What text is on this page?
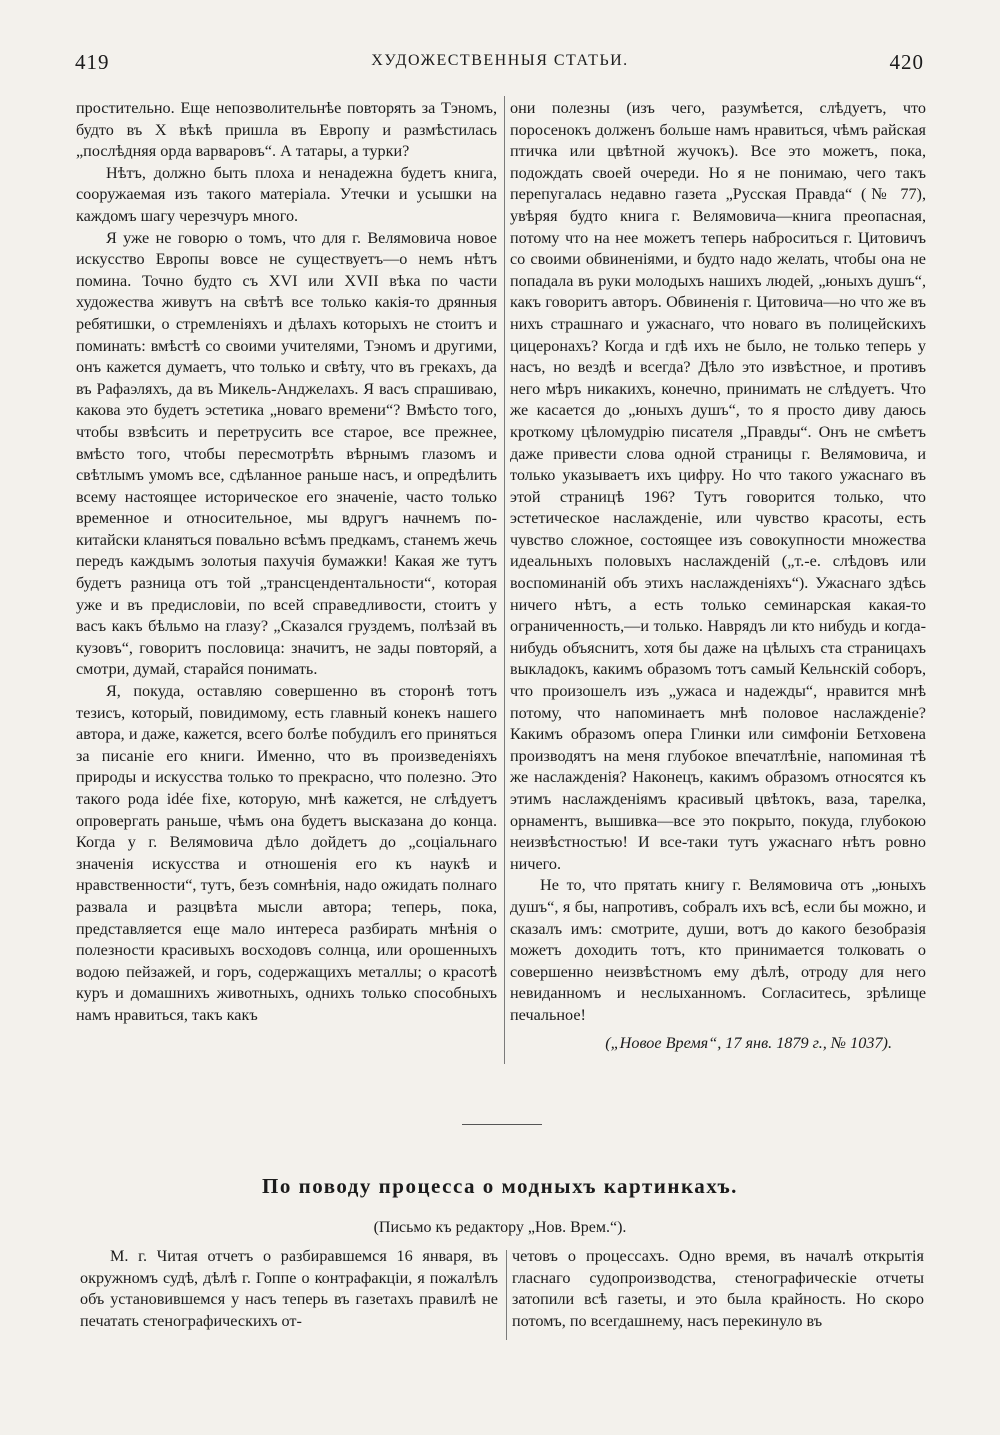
419	ХУДОЖЕСТВЕННЫЯ СТАТЬИ.	420

простительно. Еще непозволительнѣе повторять за Тэномъ, будто въ X вѣкѣ пришла въ Европу и размѣстилась „послѣдняя орда варваровъ“. А татары, а турки?

Нѣтъ, должно быть плоха и ненадежна будетъ книга, сооружаемая изъ такого матеріала. Утечки и усышки на каждомъ шагу черезчуръ много.

Я уже не говорю о томъ, что для г. Велямовича новое искусство Европы вовсе не существуетъ—о немъ нѣтъ помина. Точно будто съ XVI или XVII вѣка по части художества живутъ на свѣтѣ все только какія-то дрянныя ребятишки, о стремленіяхъ и дѣлахъ которыхъ не стоитъ и поминать: вмѣстѣ со своими учителями, Тэномъ и другими, онъ кажется думаетъ, что только и свѣту, что въ грекахъ, да въ Рафаэляхъ, да въ Микель-Анджелахъ. Я васъ спрашиваю, какова это будетъ эстетика „новаго времени“? Вмѣсто того, чтобы взвѣсить и перетрусить все старое, все прежнее, вмѣсто того, чтобы пересмотрѣть вѣрнымъ глазомъ и свѣтлымъ умомъ все, сдѣланное раньше насъ, и опредѣлить всему настоящее историческое его значеніе, часто только временное и относительное, мы вдругъ начнемъ по-китайски кланяться повально всѣмъ предкамъ, станемъ жечь передъ каждымъ золотыя пахучія бумажки! Какая же тутъ будетъ разница отъ той „трансцендентальности“, которая уже и въ предисловіи, по всей справедливости, стоитъ у васъ какъ бѣльмо на глазу? „Сказался груздемъ, полѣзай въ кузовъ“, говоритъ пословица: значитъ, не зады повторяй, а смотри, думай, старайся понимать.

Я, покуда, оставляю совершенно въ сторонѣ тотъ тезисъ, который, повидимому, есть главный конекъ нашего автора, и даже, кажется, всего болѣе побудилъ его приняться за писаніе его книги. Именно, что въ произведеніяхъ природы и искусства только то прекрасно, что полезно. Это такого рода idée fixe, которую, мнѣ кажется, не слѣдуетъ опровергать раньше, чѣмъ она будетъ высказана до конца. Когда у г. Велямовича дѣло дойдетъ до „соціальнаго значенія искусства и отношенія его къ наукѣ и нравственности“, тутъ, безъ сомнѣнія, надо ожидать полнаго развала и разцвѣта мысли автора; теперь, пока, представляется еще мало интереса разбирать мнѣнія о полезности красивыхъ восходовъ солнца, или орошенныхъ водою пейзажей, и горъ, содержащихъ металлы; о красотѣ куръ и домашнихъ животныхъ, однихъ только способныхъ намъ нравиться, такъ какъ

они полезны (изъ чего, разумѣется, слѣдуетъ, что поросенокъ долженъ больше намъ нравиться, чѣмъ райская птичка или цвѣтной жучокъ). Все это можетъ, пока, подождать своей очереди. Но я не понимаю, чего такъ перепугалась недавно газета „Русская Правда“ (№ 77), увѣряя будто книга г. Велямовича—книга преопасная, потому что на нее можетъ теперь наброситься г. Цитовичъ со своими обвиненіями, и будто надо желать, чтобы она не попадала въ руки молодыхъ нашихъ людей, „юныхъ душъ“, какъ говоритъ авторъ. Обвиненія г. Цитовича—но что же въ нихъ страшнаго и ужаснаго, что новаго въ полицейскихъ цицеронахъ? Когда и гдѣ ихъ не было, не только теперь у насъ, но вездѣ и всегда? Дѣло это извѣстное, и противъ него мѣръ никакихъ, конечно, принимать не слѣдуетъ. Что же касается до „юныхъ душъ“, то я просто диву даюсь кроткому цѣломудрію писателя „Правды“. Онъ не смѣетъ даже привести слова одной страницы г. Велямовича, и только указываетъ ихъ цифру. Но что такого ужаснаго въ этой страницѣ 196? Тутъ говорится только, что эстетическое наслажденіе, или чувство красоты, есть чувство сложное, состоящее изъ совокупности множества идеальныхъ половыхъ наслажденій („т.-е. слѣдовъ или воспоминаній объ этихъ наслажденіяхъ“). Ужаснаго здѣсь ничего нѣтъ, а есть только семинарская какая-то ограниченность,—и только. Наврядъ ли кто нибудь и когда-нибудь объяснитъ, хотя бы даже на цѣлыхъ ста страницахъ выкладокъ, какимъ образомъ тотъ самый Кельнскій соборъ, что произошелъ изъ „ужаса и надежды“, нравится мнѣ потому, что напоминаетъ мнѣ половое наслажденіе? Какимъ образомъ опера Глинки или симфоніи Бетховена производятъ на меня глубокое впечатлѣніе, напоминая тѣ же наслажденія? Наконецъ, какимъ образомъ относятся къ этимъ наслажденіямъ красивый цвѣтокъ, ваза, тарелка, орнаментъ, вышивка—все это покрыто, покуда, глубокою неизвѣстностью! И все-таки тутъ ужаснаго нѣтъ ровно ничего.

Не то, что прятать книгу г. Велямовича отъ „юныхъ душъ“, я бы, напротивъ, собралъ ихъ всѣ, если бы можно, и сказалъ имъ: смотрите, души, вотъ до какого безобразія можетъ доходить тотъ, кто принимается толковать о совершенно неизвѣстномъ ему дѣлѣ, отроду для него невиданномъ и неслыханномъ. Согласитесь, зрѣлище печальное!

(„Новое Время“, 17 янв. 1879 г., № 1037).

По поводу процесса о модныхъ картинкахъ.
(Письмо къ редактору „Нов. Врем.“).

М. г. Читая отчетъ о разбиравшемся 16 января, въ окружномъ судѣ, дѣлѣ г. Гоппе о контрафакціи, я пожалѣлъ объ установившемся у насъ теперь въ газетахъ правилѣ не печатать стенографическихъ от-

четовъ о процессахъ. Одно время, въ началѣ открытія гласнаго судопроизводства, стенографическіе отчеты затопили всѣ газеты, и это была крайность. Но скоро потомъ, по всегдашнему, насъ перекинуло въ
